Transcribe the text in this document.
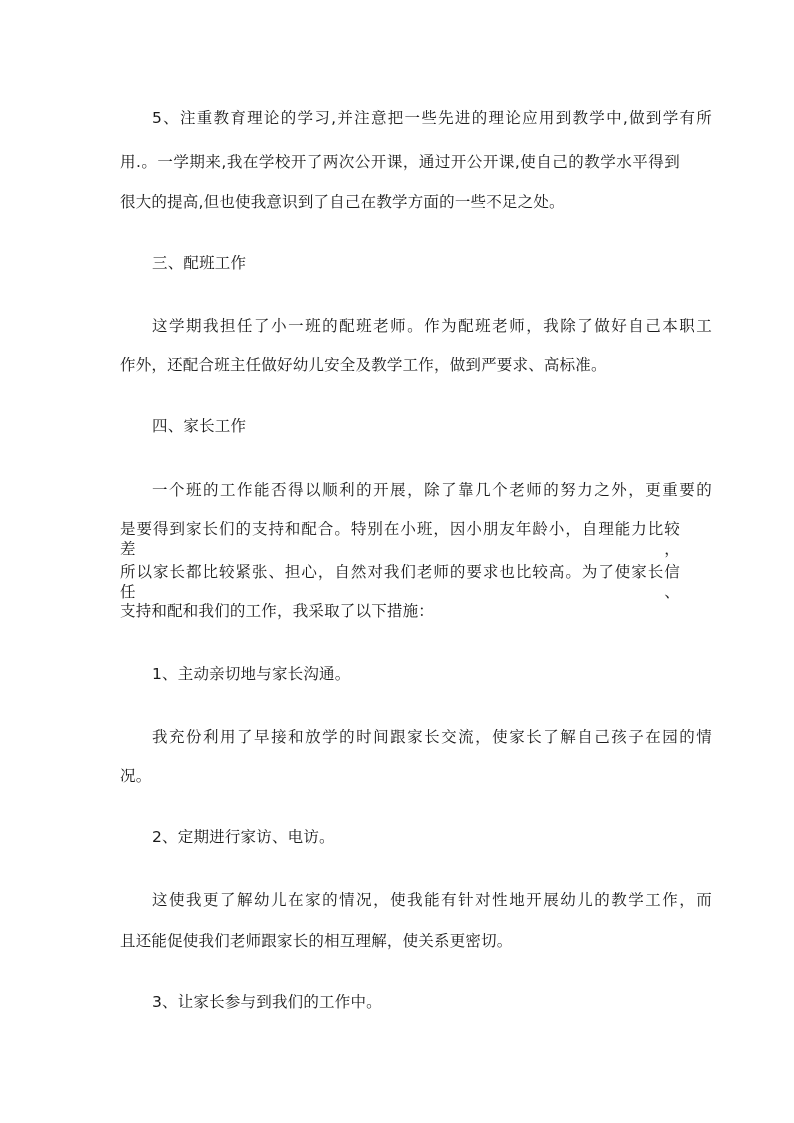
5、注重教育理论的学习,并注意把一些先进的理论应用到教学中,做到学有所
用.。一学期来,我在学校开了两次公开课，通过开公开课,使自己的教学水平得到
很大的提高,但也使我意识到了自己在教学方面的一些不足之处。
三、配班工作
这学期我担任了小一班的配班老师。作为配班老师，我除了做好自己本职工
作外，还配合班主任做好幼儿安全及教学工作，做到严要求、高标准。
四、家长工作
一个班的工作能否得以顺利的开展，除了靠几个老师的努力之外，更重要的
是要得到家长们的支持和配合。特别在小班，因小朋友年龄小，自理能力比较差，
所以家长都比较紧张、担心，自然对我们老师的要求也比较高。为了使家长信任、
支持和配和我们的工作，我采取了以下措施：
1、主动亲切地与家长沟通。
我充份利用了早接和放学的时间跟家长交流，使家长了解自己孩子在园的情
况。
2、定期进行家访、电访。
这使我更了解幼儿在家的情况，使我能有针对性地开展幼儿的教学工作，而
且还能促使我们老师跟家长的相互理解，使关系更密切。
3、让家长参与到我们的工作中。
